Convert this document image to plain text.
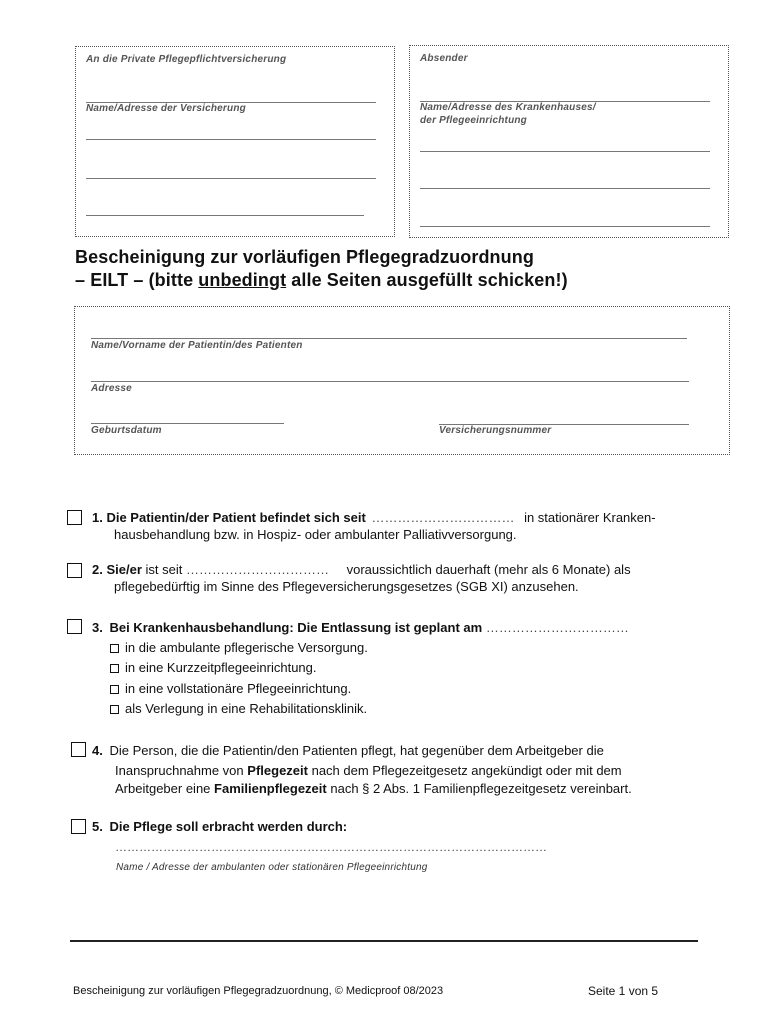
An die Private Pflegepflichtversicherung
Name/Adresse der Versicherung
Absender
Name/Adresse des Krankenhauses/
der Pflegeeinrichtung
Bescheinigung zur vorläufigen Pflegegradzuordnung
– EILT – (bitte unbedingt alle Seiten ausgefüllt schicken!)
Name/Vorname der Patientin/des Patienten
Adresse
Geburtsdatum	Versicherungsnummer
1. Die Patientin/der Patient befindet sich seit …………………………… in stationärer Kranken-
hausbehandlung bzw. in Hospiz- oder ambulanter Palliativversorgung.
2. Sie/er ist seit …………………………… voraussichtlich dauerhaft (mehr als 6 Monate) als
pflegebedürftig im Sinne des Pflegeversicherungsgesetzes (SGB XI) anzusehen.
3. Bei Krankenhausbehandlung: Die Entlassung ist geplant am ……………………………
in die ambulante pflegerische Versorgung.
in eine Kurzzeitpflegeeinrichtung.
in eine vollstationäre Pflegeeinrichtung.
als Verlegung in eine Rehabilitationsklinik.
4. Die Person, die die Patientin/den Patienten pflegt, hat gegenüber dem Arbeitgeber die
Inanspruchnahme von Pflegezeit nach dem Pflegezeitgesetz angekündigt oder mit dem
Arbeitgeber eine Familienpflegezeit nach § 2 Abs. 1 Familienpflegezeitgesetz vereinbart.
5. Die Pflege soll erbracht werden durch:
………………………………………………………………………………………………
Name / Adresse der ambulanten oder stationären Pflegeeinrichtung
Bescheinigung zur vorläufigen Pflegegradzuordnung, © Medicproof 08/2023	Seite 1 von 5
